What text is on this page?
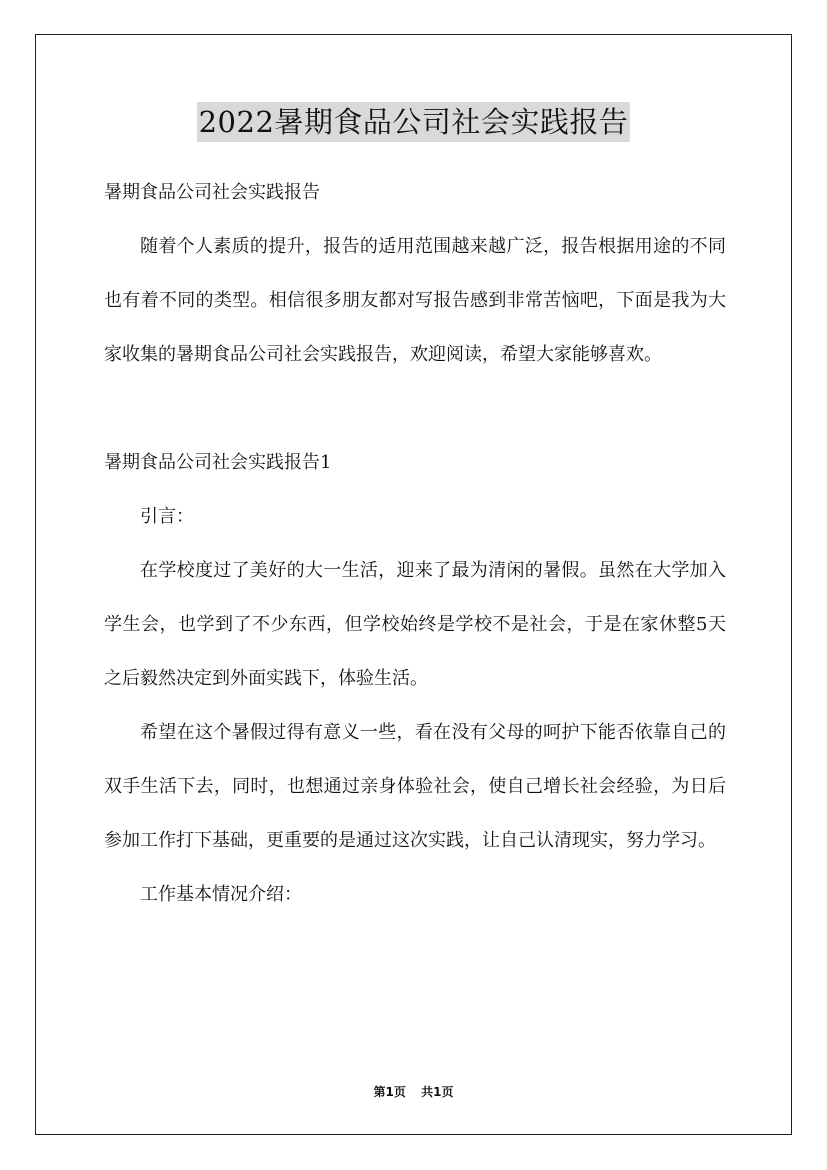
2022暑期食品公司社会实践报告

暑期食品公司社会实践报告

随着个人素质的提升，报告的适用范围越来越广泛，报告根据用途的不同也有着不同的类型。相信很多朋友都对写报告感到非常苦恼吧，下面是我为大家收集的暑期食品公司社会实践报告，欢迎阅读，希望大家能够喜欢。

暑期食品公司社会实践报告1

引言：

在学校度过了美好的大一生活，迎来了最为清闲的暑假。虽然在大学加入学生会，也学到了不少东西，但学校始终是学校不是社会，于是在家休整5天之后毅然决定到外面实践下，体验生活。

希望在这个暑假过得有意义一些，看在没有父母的呵护下能否依靠自己的双手生活下去，同时，也想通过亲身体验社会，使自己增长社会经验，为日后参加工作打下基础，更重要的是通过这次实践，让自己认清现实，努力学习。

工作基本情况介绍：

第1页 共1页
